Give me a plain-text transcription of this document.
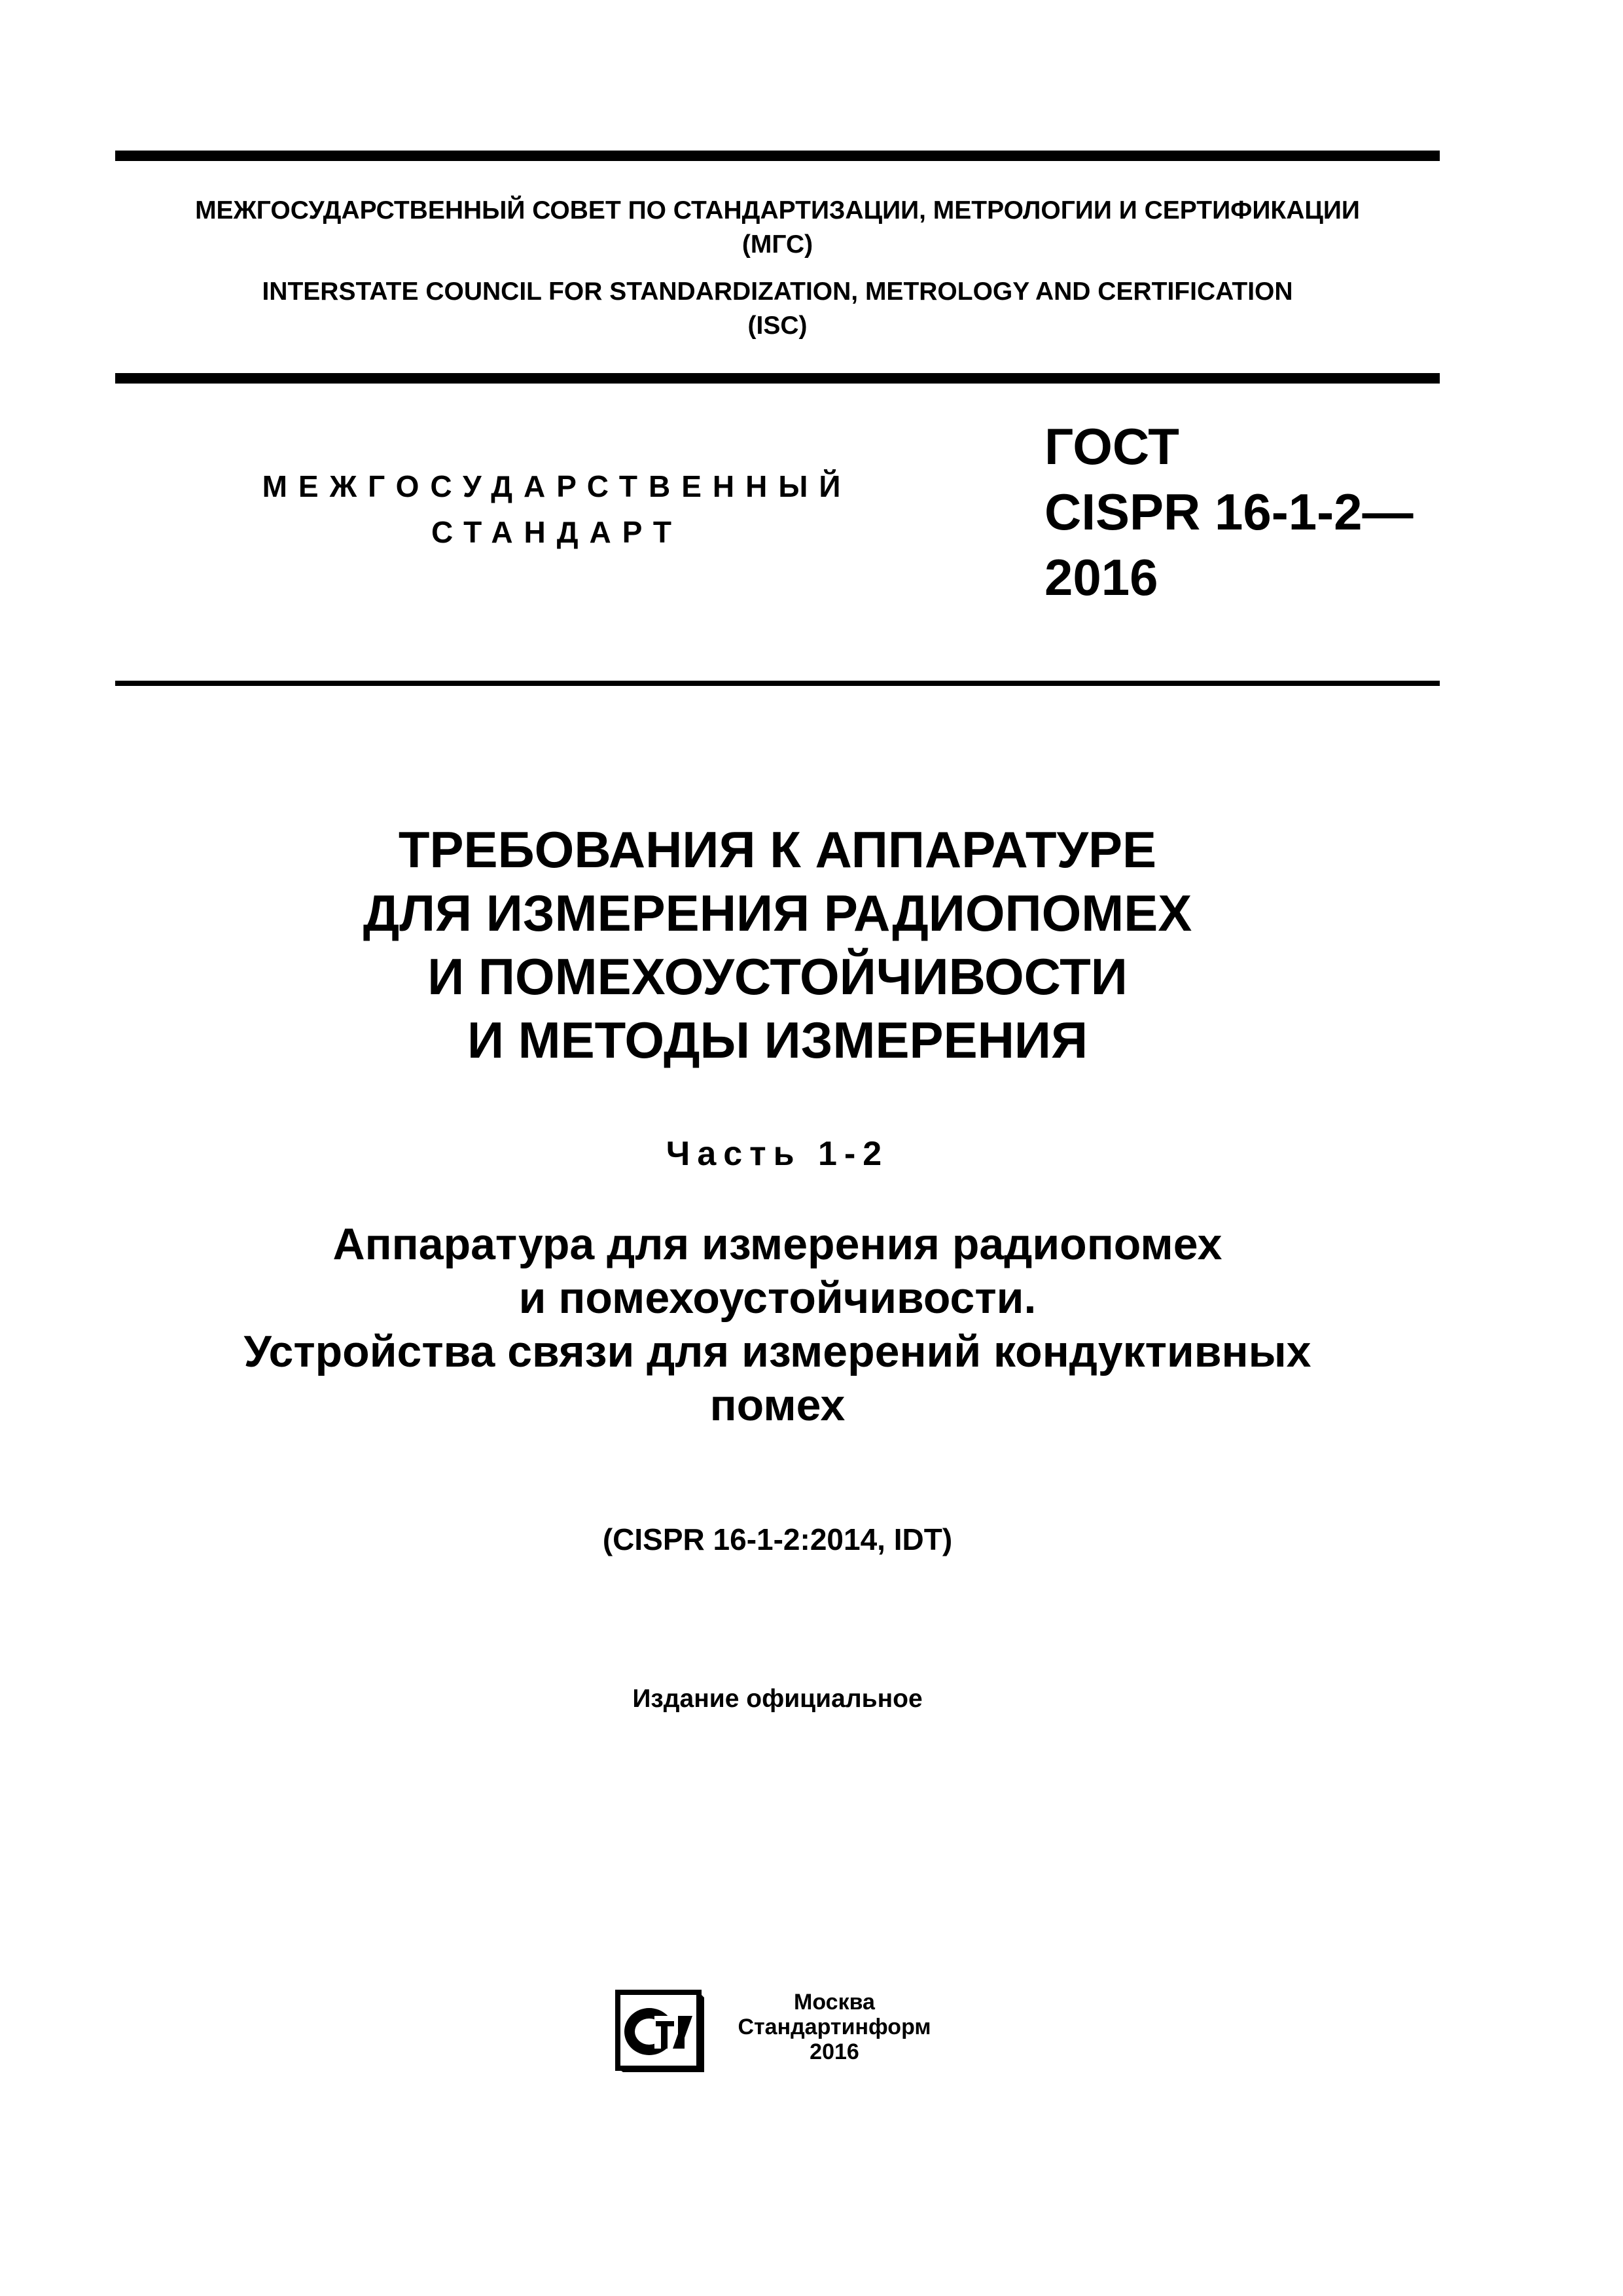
МЕЖГОСУДАРСТВЕННЫЙ СОВЕТ ПО СТАНДАРТИЗАЦИИ, МЕТРОЛОГИИ И СЕРТИФИКАЦИИ
(МГС)
INTERSTATE COUNCIL FOR STANDARDIZATION, METROLOGY AND CERTIFICATION
(ISC)
МЕЖГОСУДАРСТВЕННЫЙ
СТАНДАРТ
ГОСТ
CISPR 16-1-2—
2016
ТРЕБОВАНИЯ К АППАРАТУРЕ
ДЛЯ ИЗМЕРЕНИЯ РАДИОПОМЕХ
И ПОМЕХОУСТОЙЧИВОСТИ
И МЕТОДЫ ИЗМЕРЕНИЯ
Часть 1-2
Аппаратура для измерения радиопомех
и помехоустойчивости.
Устройства связи для измерений кондуктивных
помех
(CISPR 16-1-2:2014, IDT)
Издание официальное
Москва
Стандартинформ
2016
